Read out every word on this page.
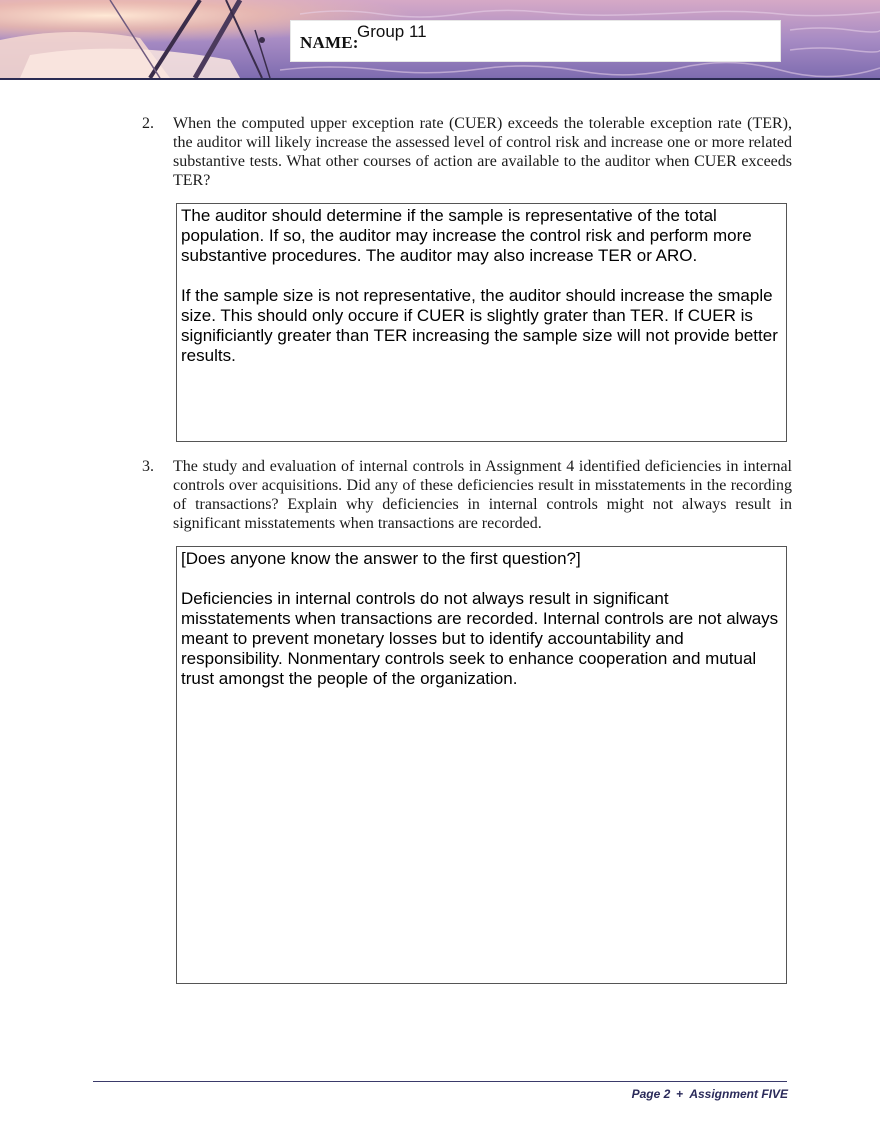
NAME:
Group 11
2. When the computed upper exception rate (CUER) exceeds the tolerable exception rate (TER), the auditor will likely increase the assessed level of control risk and increase one or more related substantive tests. What other courses of action are available to the auditor when CUER exceeds TER?

The auditor should determine if the sample is representative of the total population. If so, the auditor may increase the control risk and perform more substantive procedures. The auditor may also increase TER or ARO.

If the sample size is not representative, the auditor should increase the smaple size. This should only occure if CUER is slightly grater than TER. If CUER is significiantly greater than TER increasing the sample size will not provide better results.

3. The study and evaluation of internal controls in Assignment 4 identified deficiencies in internal controls over acquisitions. Did any of these deficiencies result in misstatements in the recording of transactions? Explain why deficiencies in internal controls might not always result in significant misstatements when transactions are recorded.

[Does anyone know the answer to the first question?]

Deficiencies in internal controls do not always result in significant misstatements when transactions are recorded. Internal controls are not always meant to prevent monetary losses but to identify accountability and responsibility. Nonmentary controls seek to enhance cooperation and mutual trust amongst the people of the organization.

Page 2 + Assignment FIVE
